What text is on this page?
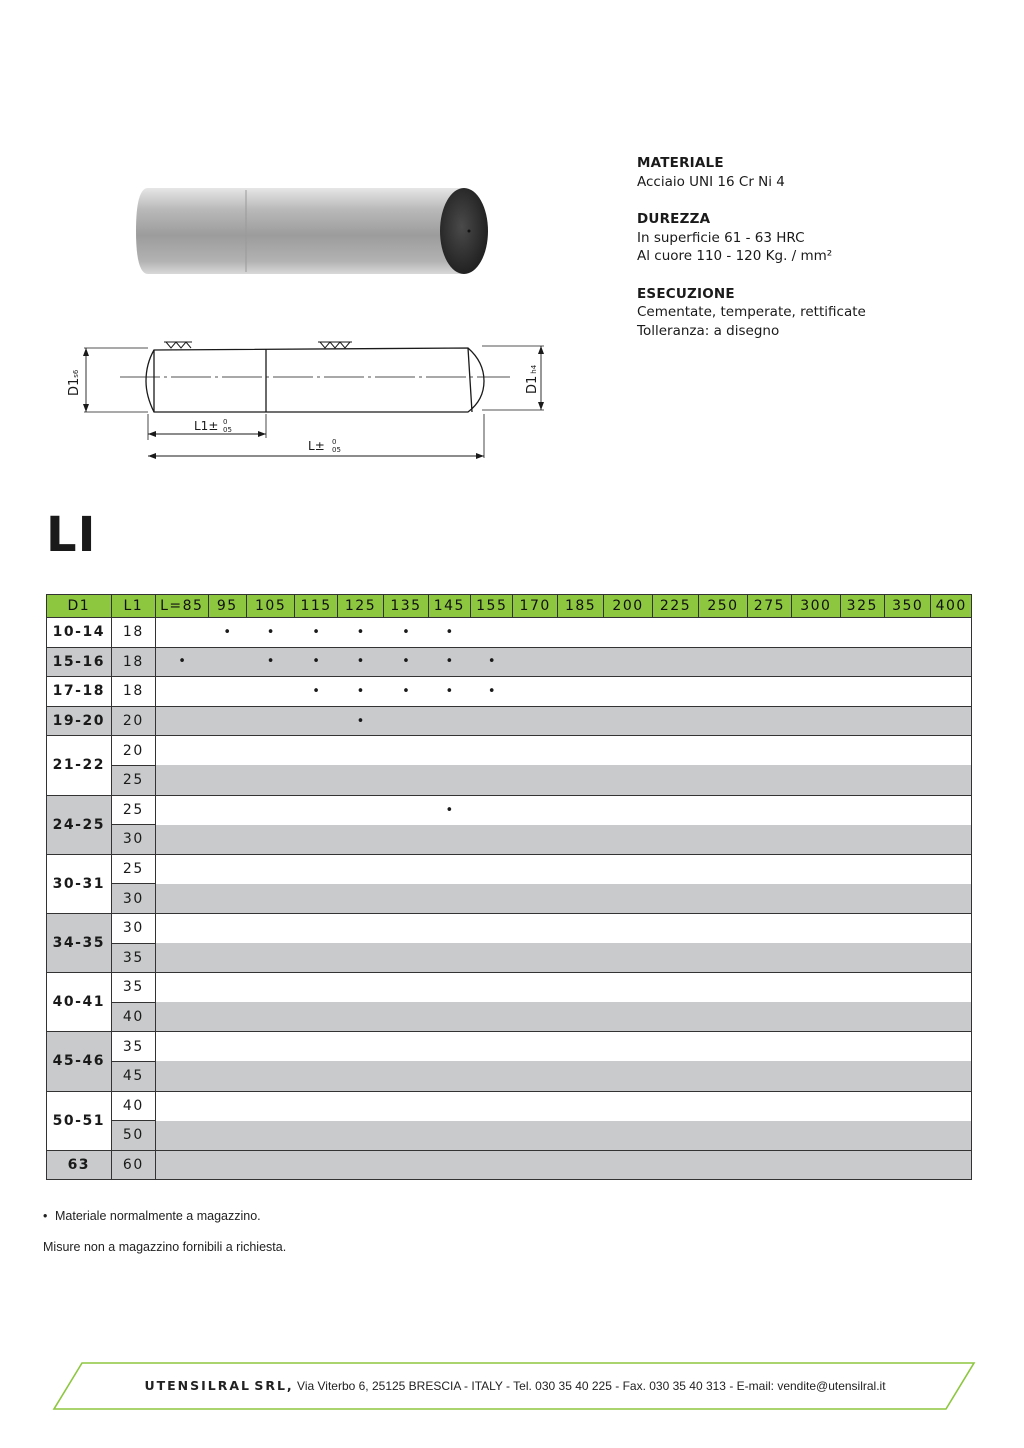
D1s6
D1h4
L1± 0
05
L± 0
05
MATERIALE
Acciaio UNI 16 Cr Ni 4
DUREZZA
In superficie 61 - 63 HRC
Al cuore 110 - 120 Kg. / mm²
ESECUZIONE
Cementate, temperate, rettificate
Tolleranza: a disegno
LI
D1	L1	L=85	95	105	115	125	135	145	155	170	185	200	225	250	275	300	325	350	400
10-14	18		•	•	•	•	•	•											
15-16	18	•		•	•	•	•	•	•										
17-18	18				•	•	•	•	•										
19-20	20					•													
21-22	20																		
	25																		
24-25	25							•											
	30																		
30-31	25																		
	30																		
34-35	30																		
	35																		
40-41	35																		
	40																		
45-46	35																		
	45																		
50-51	40																		
	50																		
63	60																		
• Materiale normalmente a magazzino.
Misure non a magazzino fornibili a richiesta.
UTENSILRAL SRL, Via Viterbo 6, 25125 BRESCIA - ITALY - Tel. 030 35 40 225 - Fax. 030 35 40 313 - E-mail: vendite@utensilral.it
